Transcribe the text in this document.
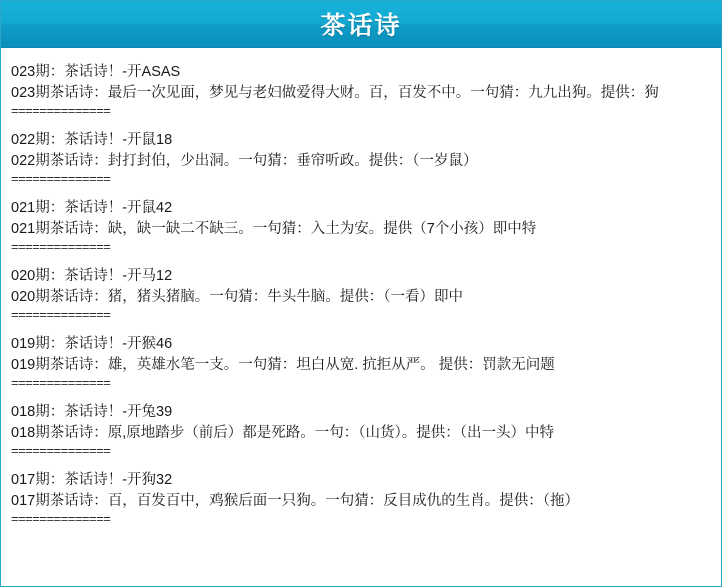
茶话诗
023期：茶话诗！-开ASAS
023期茶话诗：最后一次见面，梦见与老妇做爱得大财。百，百发不中。一句猜：九九出狗。提供：狗
==============
022期：茶话诗！-开鼠18
022期茶话诗：封打封伯，少出洞。一句猜：垂帘听政。提供：（一岁鼠）
==============
021期：茶话诗！-开鼠42
021期茶话诗：缺，缺一缺二不缺三。一句猜：入土为安。提供（7个小孩）即中特
==============
020期：茶话诗！-开马12
020期茶话诗：猪，猪头猪脑。一句猜：牛头牛脑。提供：（一看）即中
==============
019期：茶话诗！-开猴46
019期茶话诗：雄，英雄水笔一支。一句猜：坦白从宽. 抗拒从严。 提供：罚款无问题
==============
018期：茶话诗！-开兔39
018期茶话诗：原,原地踏步（前后）都是死路。一句：（山货）。提供：（出一头）中特
==============
017期：茶话诗！-开狗32
017期茶话诗：百，百发百中，鸡猴后面一只狗。一句猜：反目成仇的生肖。提供：（拖）
==============
